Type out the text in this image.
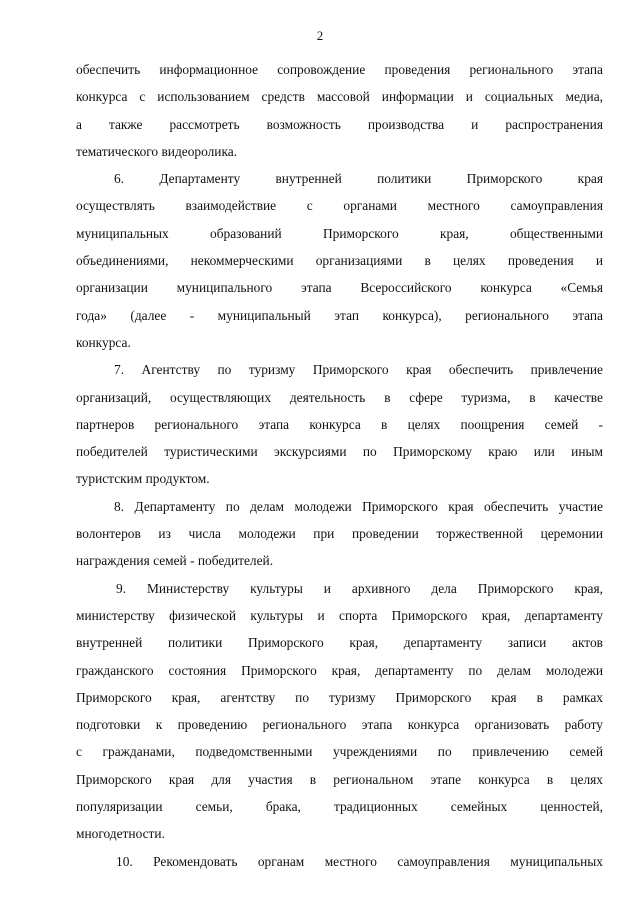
2
обеспечить информационное сопровождение проведения регионального этапа
конкурса с использованием средств массовой информации и социальных медиа,
а также рассмотреть возможность производства и распространения
тематического видеоролика.
6. Департаменту внутренней политики Приморского края
осуществлять взаимодействие с органами местного самоуправления
муниципальных образований Приморского края, общественными
объединениями, некоммерческими организациями в целях проведения и
организации муниципального этапа Всероссийского конкурса «Семья
года» (далее - муниципальный этап конкурса), регионального этапа
конкурса.
7. Агентству по туризму Приморского края обеспечить привлечение
организаций, осуществляющих деятельность в сфере туризма, в качестве
партнеров регионального этапа конкурса в целях поощрения семей -
победителей туристическими экскурсиями по Приморскому краю или иным
туристским продуктом.
8. Департаменту по делам молодежи Приморского края обеспечить участие
волонтеров из числа молодежи при проведении торжественной церемонии
награждения семей - победителей.
9. Министерству культуры и архивного дела Приморского края,
министерству физической культуры и спорта Приморского края, департаменту
внутренней политики Приморского края, департаменту записи актов
гражданского состояния Приморского края, департаменту по делам молодежи
Приморского края, агентству по туризму Приморского края в рамках
подготовки к проведению регионального этапа конкурса организовать работу
с гражданами, подведомственными учреждениями по привлечению семей
Приморского края для участия в региональном этапе конкурса в целях
популяризации семьи, брака, традиционных семейных ценностей,
многодетности.
10. Рекомендовать органам местного самоуправления муниципальных
